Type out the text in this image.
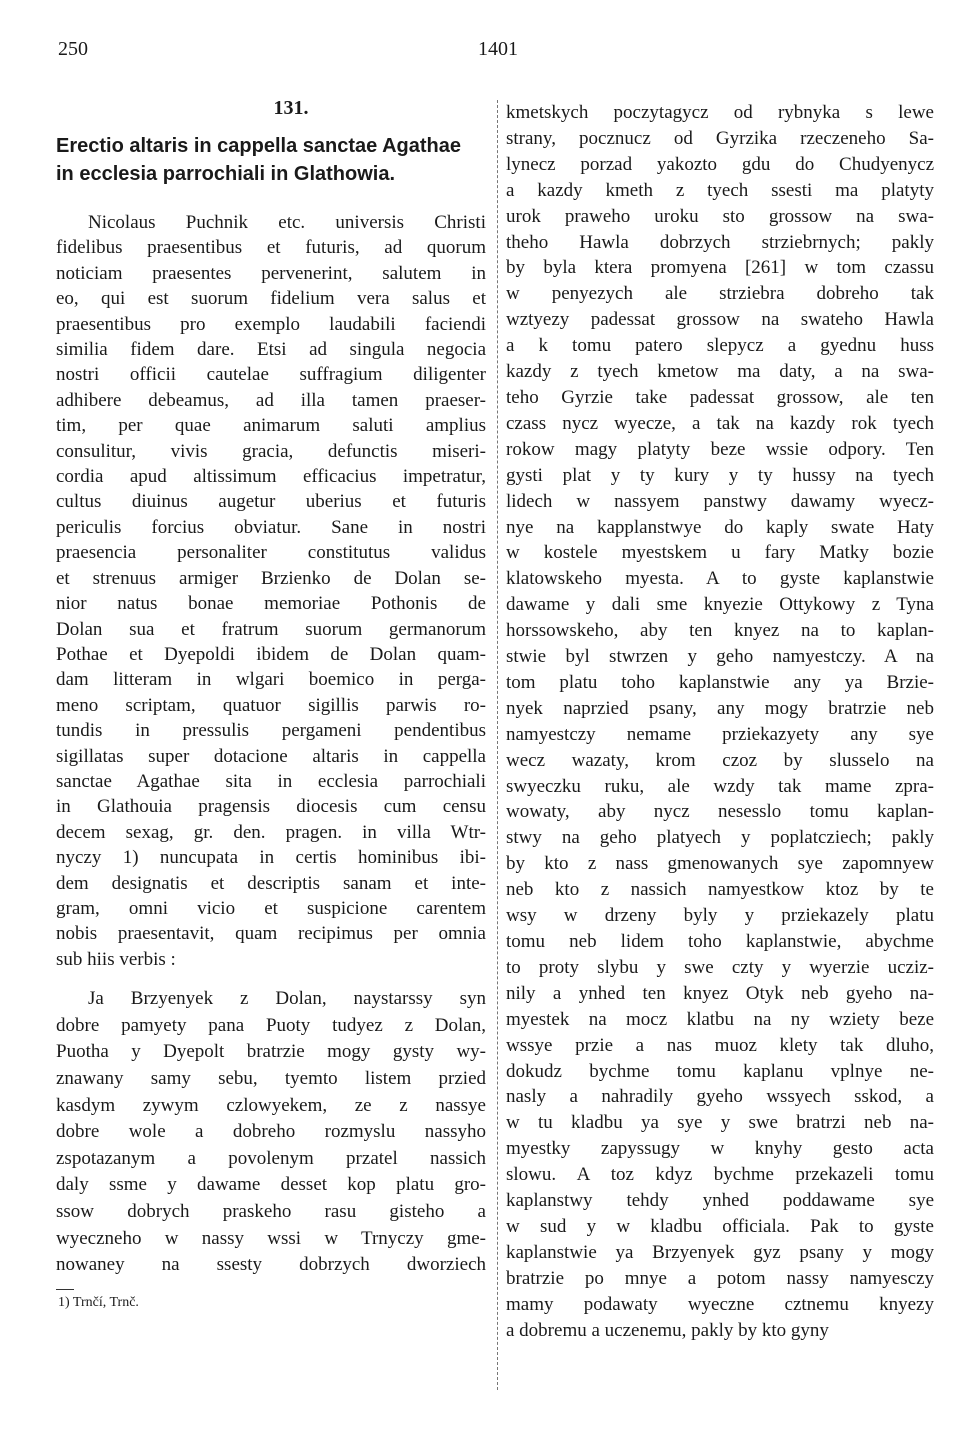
250	1401
131.
Erectio altaris in cappella sanctae Agathae
in ecclesia parrochiali in Glathowia.
Nicolaus Puchnik etc. universis Christi
fidelibus praesentibus et futuris, ad quorum
noticiam praesentes pervenerint, salutem in
eo, qui est suorum fidelium vera salus et
praesentibus pro exemplo laudabili faciendi
similia fidem dare. Etsi ad singula negocia
nostri officii cautelae suffragium diligenter
adhibere debeamus, ad illa tamen praeser-
tim, per quae animarum saluti amplius
consulitur, vivis gracia, defunctis miseri-
cordia apud altissimum efficacius impetratur,
cultus diuinus augetur uberius et futuris
periculis forcius obviatur. Sane in nostri
praesencia personaliter constitutus validus
et strenuus armiger Brzienko de Dolan se-
nior natus bonae memoriae Pothonis de
Dolan sua et fratrum suorum germanorum
Pothae et Dyepoldi ibidem de Dolan quam-
dam litteram in wlgari boemico in perga-
meno scriptam, quatuor sigillis parwis ro-
tundis in pressulis pergameni pendentibus
sigillatas super dotacione altaris in cappella
sanctae Agathae sita in ecclesia parrochiali
in Glathouia pragensis diocesis cum censu
decem sexag, gr. den. pragen. in villa Wtr-
nyczy 1) nuncupata in certis hominibus ibi-
dem designatis et descriptis sanam et inte-
gram, omni vicio et suspicione carentem
nobis praesentavit, quam recipimus per omnia
sub hiis verbis :
Ja Brzyenyek z Dolan, naystarssy syn
dobre pamyety pana Puoty tudyez z Dolan,
Puotha y Dyepolt bratrzie mogy gysty wy-
znawany samy sebu, tyemto listem przied
kasdym zywym czlowyekem, ze z nassye
dobre wole a dobreho rozmyslu nassyho
zspotazanym a povolenym przatel nassich
daly ssme y dawame desset kop platu gro-
ssow dobrych praskeho rasu gisteho a
wyeczneho w nassy wssi w Trnyczy gme-
nowaney na ssesty dobrzych dworziech
1) Trnčí, Trnč.
kmetskych poczytagycz od rybnyka s lewe
strany, pocznucz od Gyrzika rzeczeneho Sa-
lynecz porzad yakozto gdu do Chudyenycz
a kazdy kmeth z tyech ssesti ma platyty
urok praweho uroku sto grossow na swa-
theho Hawla dobrzych strziebrnych; pakly
by byla ktera promyena [261] w tom czassu
w penyezych ale strziebra dobreho tak
wztyezy padessat grossow na swateho Hawla
a k tomu patero slepycz a gyednu huss
kazdy z tyech kmetow ma daty, a na swa-
teho Gyrzie take padessat grossow, ale ten
czass nycz wyecze, a tak na kazdy rok tyech
rokow magy platyty beze wssie odpory. Ten
gysti plat y ty kury y ty hussy na tyech
lidech w nassyem panstwy dawamy wyecz-
nye na kapplanstwye do kaply swate Haty
w kostele myestskem u fary Matky bozie
klatowskeho myesta. A to gyste kaplanstwie
dawame y dali sme knyezie Ottykowy z Tyna
horssowskeho, aby ten knyez na to kaplan-
stwie byl stwrzen y geho namyestczy. A na
tom platu toho kaplanstwie any ya Brzie-
nyek naprzied psany, any mogy bratrzie neb
namyestczy nemame prziekazyety any sye
wecz wazaty, krom czoz by slusselo na
swyeczku ruku, ale wzdy tak mame zpra-
wowaty, aby nycz nesesslo tomu kaplan-
stwy na geho platyech y poplatcziech; pakly
by kto z nass gmenowanych sye zapomnyew
neb kto z nassich namyestkow ktoz by te
wsy w drzeny byly y prziekazely platu
tomu neb lidem toho kaplanstwie, abychme
to proty slybu y swe czty y wyerzie ucziz-
nily a ynhed ten knyez Otyk neb gyeho na-
myestek na mocz klatbu na ny wziety beze
wssye przie a nas muoz klety tak dluho,
dokudz bychme tomu kaplanu vplnye ne-
nasly a nahradily gyeho wssyech sskod, a
w tu kladbu ya sye y swe bratrzi neb na-
myestky zapyssugy w knyhy gesto acta
slowu. A toz kdyz bychme przekazeli tomu
kaplanstwy tehdy ynhed poddawame sye
w sud y w kladbu officiala. Pak to gyste
kaplanstwie ya Brzyenyek gyz psany y mogy
bratrzie po mnye a potom nassy namyesczy
mamy podawaty wyeczne cztnemu knyezy
a dobremu a uczenemu, pakly by kto gyny
